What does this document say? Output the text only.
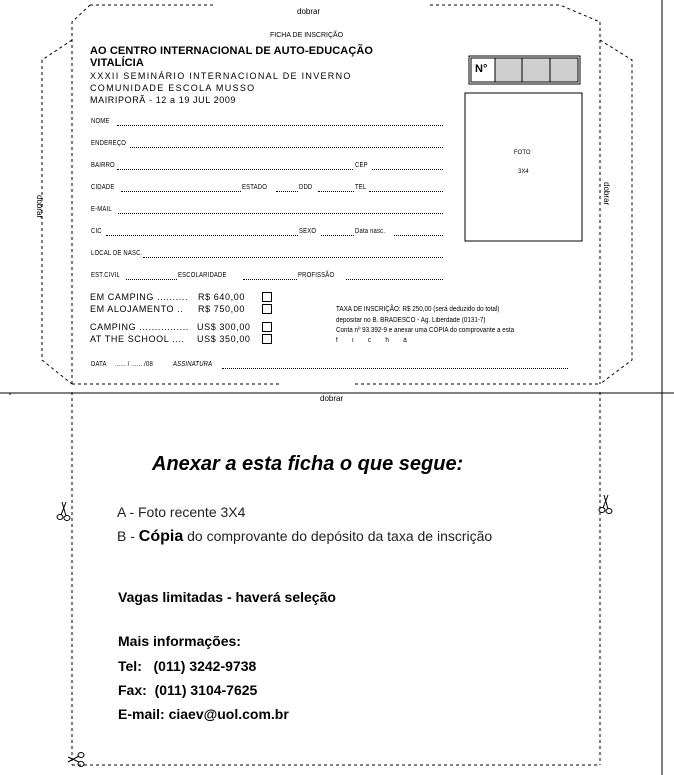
dobrar
dobrar
dobrar
dobrar
FICHA DE INSCRIÇÃO
AO CENTRO INTERNACIONAL DE AUTO-EDUCAÇÃO
VITALÍCIA
XXXII SEMINÁRIO INTERNACIONAL DE INVERNO
COMUNIDADE ESCOLA MUSSO
MAIRIPORÃ - 12 a 19 JUL 2009
N°
FOTO
3X4
NOME
ENDEREÇO
BAIRRO	CEP
CIDADE	ESTADO	DDD	TEL
E-MAIL
CIC	SEXO	Data nasc.
LOCAL DE NASC.
EST.CIVIL	ESCOLARIDADE	PROFISSÃO
EM CAMPING .......... R$ 640,00
EM ALOJAMENTO .. R$ 750,00
CAMPING ................ US$ 300,00
AT THE SCHOOL .... US$ 350,00
TAXA DE INSCRIÇÃO: R$ 250,00 (será deduzido do total)
depositar no B. BRADESCO - Ag. Liberdade (0131-7)
Conta nº 93.392-9 e anexar uma CÓPIA do comprovante a esta
f i c h a
DATA ...... / ...... /08	ASSINATURA
Anexar a esta ficha o que segue:
A - Foto recente 3X4
B - Cópia do comprovante do depósito da taxa de inscrição
Vagas limitadas - haverá seleção
Mais informações:
Tel:   (011) 3242-9738
Fax:  (011) 3104-7625
E-mail: ciaev@uol.com.br
